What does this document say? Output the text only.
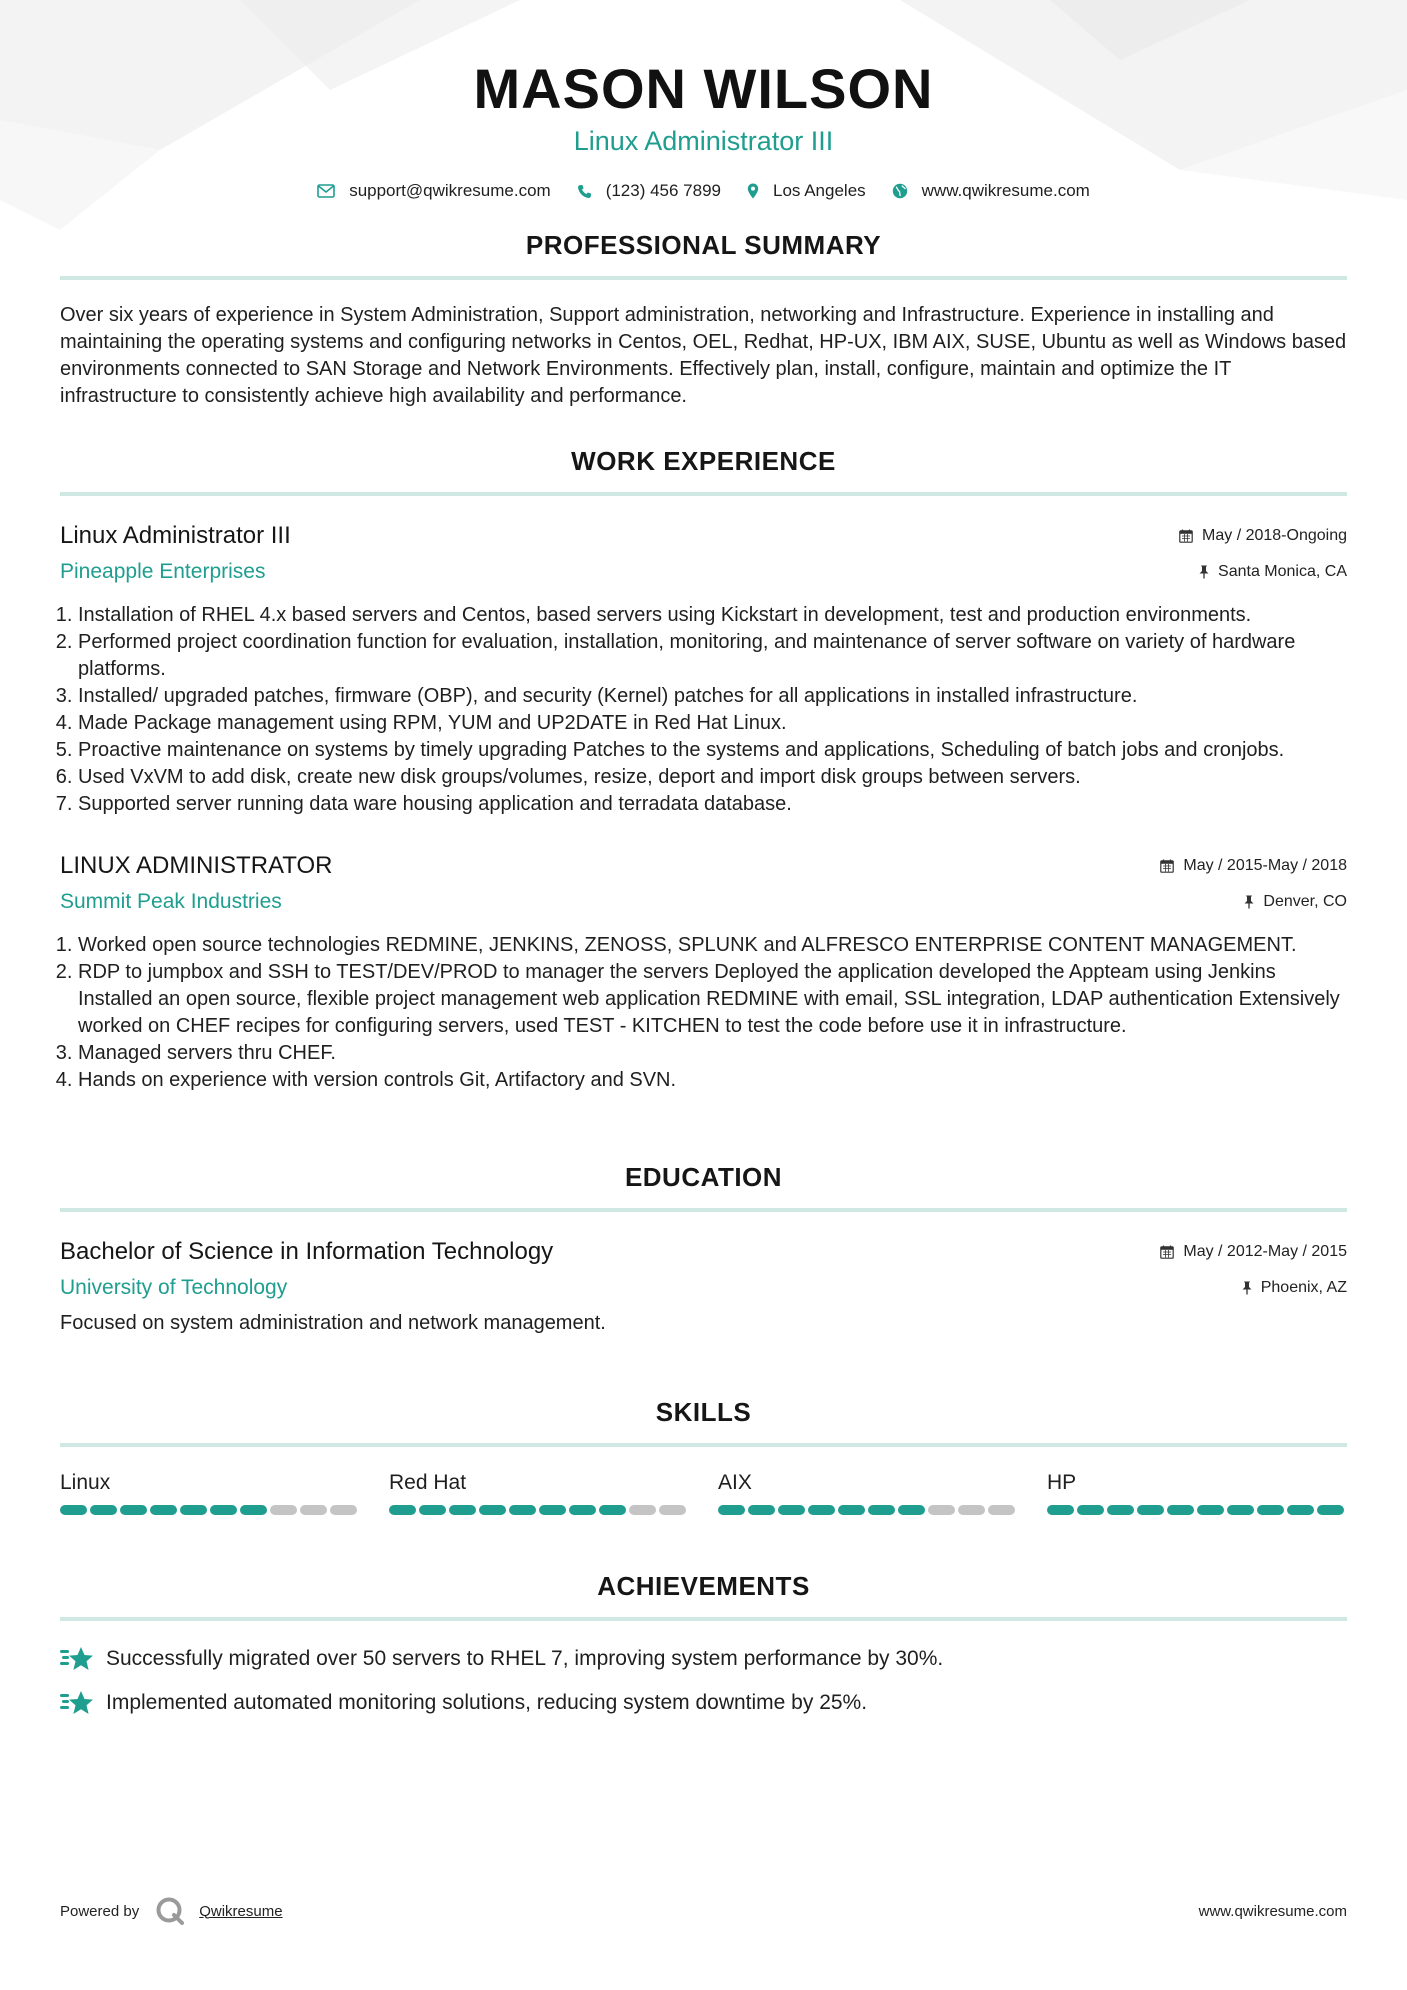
MASON WILSON
Linux Administrator III
support@qwikresume.com	(123) 456 7899	Los Angeles	www.qwikresume.com
PROFESSIONAL SUMMARY

Over six years of experience in System Administration, Support administration, networking and Infrastructure. Experience in installing and maintaining the operating systems and configuring networks in Centos, OEL, Redhat, HP-UX, IBM AIX, SUSE, Ubuntu as well as Windows based environments connected to SAN Storage and Network Environments. Effectively plan, install, configure, maintain and optimize the IT infrastructure to consistently achieve high availability and performance.

WORK EXPERIENCE
Linux Administrator III	May / 2018-Ongoing
Pineapple Enterprises	Santa Monica, CA
1. Installation of RHEL 4.x based servers and Centos, based servers using Kickstart in development, test and production environments.
2. Performed project coordination function for evaluation, installation, monitoring, and maintenance of server software on variety of hardware platforms.
3. Installed/ upgraded patches, firmware (OBP), and security (Kernel) patches for all applications in installed infrastructure.
4. Made Package management using RPM, YUM and UP2DATE in Red Hat Linux.
5. Proactive maintenance on systems by timely upgrading Patches to the systems and applications, Scheduling of batch jobs and cronjobs.
6. Used VxVM to add disk, create new disk groups/volumes, resize, deport and import disk groups between servers.
7. Supported server running data ware housing application and terradata database.
LINUX ADMINISTRATOR	May / 2015-May / 2018
Summit Peak Industries	Denver, CO
1. Worked open source technologies REDMINE, JENKINS, ZENOSS, SPLUNK and ALFRESCO ENTERPRISE CONTENT MANAGEMENT.
2. RDP to jumpbox and SSH to TEST/DEV/PROD to manager the servers Deployed the application developed the Appteam using Jenkins Installed an open source, flexible project management web application REDMINE with email, SSL integration, LDAP authentication Extensively worked on CHEF recipes for configuring servers, used TEST - KITCHEN to test the code before use it in infrastructure.
3. Managed servers thru CHEF.
4. Hands on experience with version controls Git, Artifactory and SVN.
EDUCATION
Bachelor of Science in Information Technology	May / 2012-May / 2015
University of Technology	Phoenix, AZ

Focused on system administration and network management.

SKILLS
Linux	Red Hat	AIX	HP
ACHIEVEMENTS
Successfully migrated over 50 servers to RHEL 7, improving system performance by 30%.
Implemented automated monitoring solutions, reducing system downtime by 25%.
Powered by	Qwikresume	www.qwikresume.com
